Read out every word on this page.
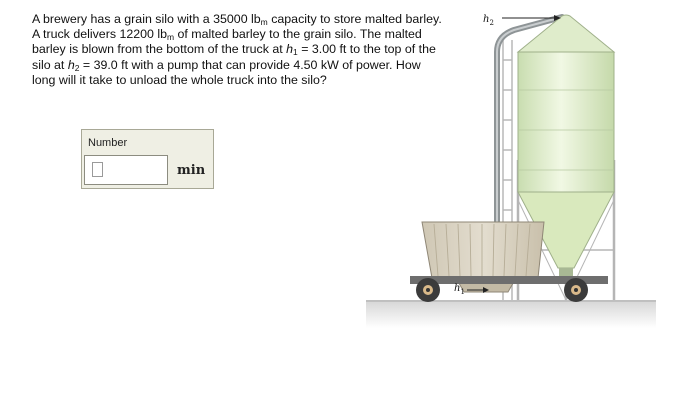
A brewery has a grain silo with a 35000 $lb_m$ capacity to store malted barley. A truck delivers 12200 $lb_m$ of malted barley to the grain silo. The malted barley is blown from the bottom of the truck at $h_1 = 3.00$ ft to the top of the silo at $h_2 = 39.0$ ft with a pump that can provide 4.50 kW of power. How long will it take to unload the whole truck into the silo?

Number
min
$h_2$
$h_1$
